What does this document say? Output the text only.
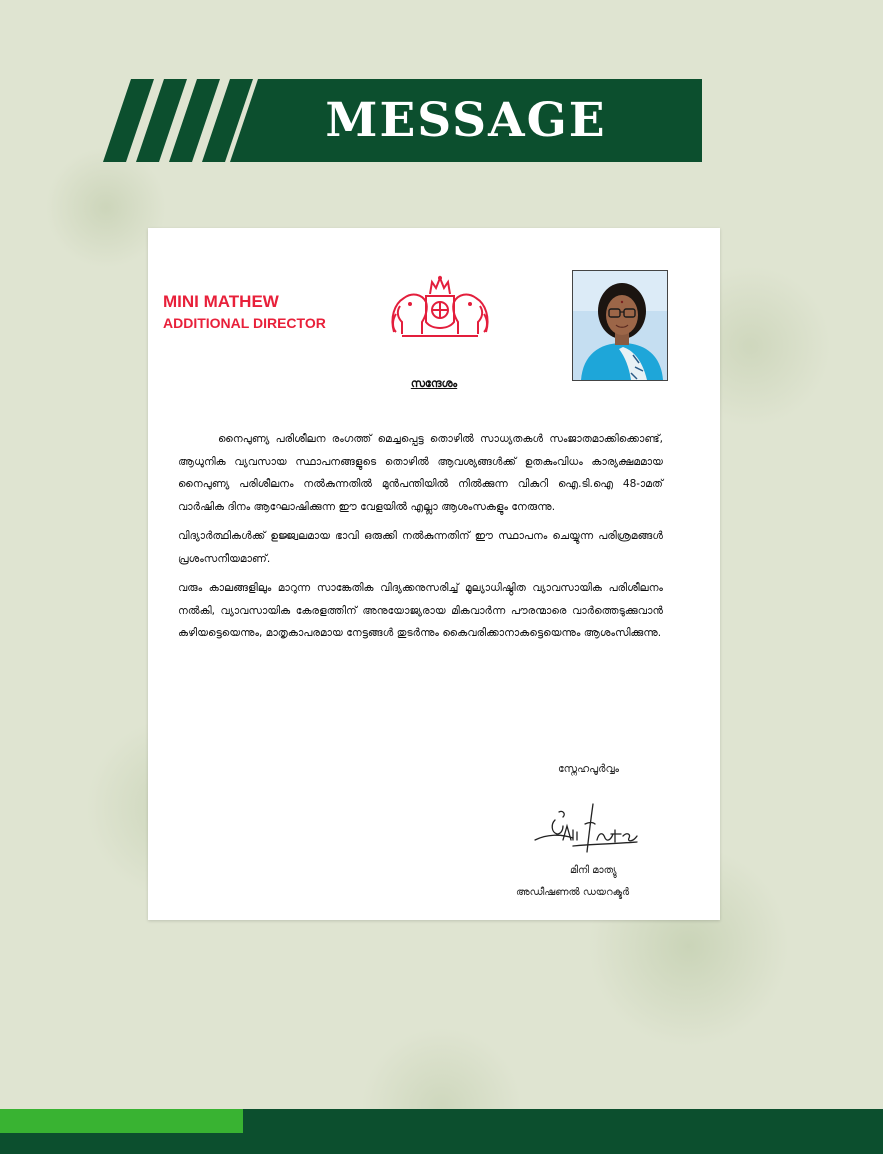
MESSAGE
MINI MATHEW
ADDITIONAL DIRECTOR
സന്ദേശം

നൈപുണ്യ പരിശീലന രംഗത്ത് മെച്ചപ്പെട്ട തൊഴിൽ സാധ്യതകൾ സംജാതമാക്കിക്കൊണ്ട്, ആധുനിക വ്യവസായ സ്ഥാപനങ്ങളുടെ തൊഴിൽ ആവശ്യങ്ങൾക്ക് ഉതകുംവിധം കാര്യക്ഷമമായ നൈപുണ്യ പരിശീലനം നൽകുന്നതിൽ മുൻപന്തിയിൽ നിൽക്കുന്ന വികുറി ഐ.ടി.ഐ 48-ാമത് വാർഷിക ദിനം ആഘോഷിക്കുന്ന ഈ വേളയിൽ എല്ലാ ആശംസകളും നേരുന്നു.

വിദ്യാർത്ഥികൾക്ക് ഉജ്ജ്വലമായ ഭാവി ഒരുക്കി നൽകുന്നതിന് ഈ സ്ഥാപനം ചെയ്യുന്ന പരിശ്രമങ്ങൾ പ്രശംസനീയമാണ്.

വരും കാലങ്ങളിലും മാറുന്ന സാങ്കേതിക വിദ്യക്കനുസരിച്ച് മൂല്യാധിഷ്ഠിത വ്യാവസായിക പരിശീലനം നൽകി, വ്യാവസായിക കേരളത്തിന് അനുയോജ്യരായ മികവാർന്ന പൗരന്മാരെ വാർത്തെടുക്കുവാൻ കഴിയട്ടെയെന്നും, മാതൃകാപരമായ നേട്ടങ്ങൾ തുടർന്നും കൈവരിക്കാനാകട്ടെയെന്നും ആശംസിക്കുന്നു.

സ്നേഹപൂർവ്വം
മിനി മാത്യു
അഡീഷണൽ ഡയറക്ടർ
